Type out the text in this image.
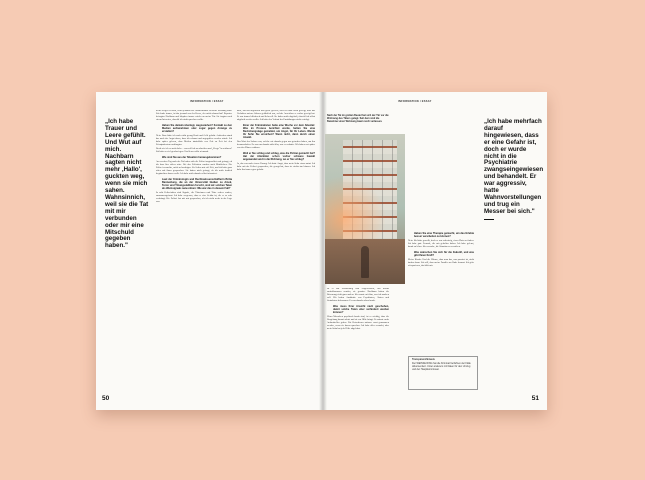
INFORMATION / ESSAY
„Ich habe Trauer und Leere gefühlt. Und Wut auf mich. Nachbarn sagten nicht mehr ‚Hallo', guckten weg, wenn sie mich sahen. Wahnsinnich, weil sie die Tat mit mir verbunden oder mir eine Mitschuld gegeben haben."

heute wiegen er mich, wenn jemand eine Handelsmarke in meine Richtung fährt. Ich denke immer, ist das jemand von der Presse, der mich erkannt hat? Reporter befragten Nachbarn und klopften immer wieder an meine Tür. Sie fragten nach einem Interview, obwohl ich nicht sprechen wollte.

Haben Sie damals überlegt, wegzuziehen? Kontakt zu den Medien aufzunehmen oder sogar gegen Anzeige zu erstatten?

Nein. Dass hätte ich auch nicht genug Kraft und Geld gehabt. Außerdem stand das nach der Angst davor, dass ich erkannt und angegriffen werden würde. Ich habe später gelesen, dass Medien tatsächlich von Zeit zu Zeit bei den Privatpatienten nachfragten.

Doch wie ich es auch drehe – was soll ich an schreiben und „Zeuge" bezeichnen? Ich habe so viel geschwiegen. Und lesen sollte niemand.

Wie sind Sie aus der Situation herausgekommen?

Am zweiten Tag nach der Tat haben sich die Polizei angemeldet und gefragt, ob ich kurz hier sicher wäre. Bei den Polizisten wurden auch Blutflecken. Die Polizei versuchte, mich zu beruhigen. Sie ließen mir viel Zeit, und ich habe ganz offen mit ihnen gesprochen. Sie hatten mich gefragt, ob ich mich ärztlich begutachten lassen wolle. Ich habe mich danach selbst informiert.

Laut der Kriminologin und Rechtswissenschaftlerin Britta Bannenberg, die an der Universität Gießen zu Amok, Terror und Tötungsdelikten forscht, sind wir solchen Taten als Warnsignale zuzuordnen: Wie war das in diesem Fall?

In acht Polizeiakten sind Signale, die Täterinnen und Täter vorher senden, zusammengefasst. Ich habe vergessen, dass er eine Gefahr ist, die er so sehr verdrängt. Die Polizei hat mit mir gesprochen, als ich nicht mehr in der Lage war.

habe, hat mir angeboten und gerne gelesen, aber ich habe nicht gezeigt, dass das Verhalten meines Sohnes gefährlich war, welche Anzeichen er vorher gezeigt hat. Er war immer hilfsbereit und liebevoll. Sie haben mich abgeholt, obwohl ich selbst abgeholt werden wollte. Ich habe den Verlauf der Ermittlungen nicht verfolgt.

Einer der Kriminalisten hatte eine Woche vor dem Attentat: Was im Prozess berichtet wurde, hatten Sie eine Bedrohungslage gemeldet, um Angst, für Ihr Leben. Wurde Ihr Sohn Sie erreichen? Wenn nicht, dann durch einen Anwalt.

Das Wort des Sohnes war, welche wir damals gegen uns getroffen haben, um ihn herauszuholen. Es war uns damals nicht klar, was er vorhatte. Wir haben erst später von den Plänen erfahren.

Weil er Sie schlug und schlug, was die Polizei gemacht hat? Hat der Attentäter schon vorher schwere Gewalt angewendet und in die Richtung, wo er Sie schlug?

Ja, das war nach einem Umzug. Ich hatte Angst, dass mein Sohn etwas antut. Ich habe mit der Polizei gesprochen, die gesagt hat, dass sie nichts tun können. Ich habe ihn immer gern gehabt.

50
INFORMATION / ESSAY
Nach der Tat im großen Beutel hat sich der Tür vor die Wohnung des Täters gelegt. Seit dem sind die Bewohner einer Wohnung kaum noch verlassen.	„Ich habe mehrfach darauf hingewiesen, dass er eine Gefahr ist, doch er wurde nicht in die Psychiatrie zwangseingewiesen und behandelt. Er war aggressiv, hatte Wahnvorstellungen und trug ein Messer bei sich."

ist er mit Schilderung und Ungewissheit, das nachts zurückkommen wurden, sie gerufen. Nachbarn haben die Betreuung sieht ganz anders. Ich wusste mit ihm, was ich machen soll. Wir haben Auskünfte von Psychiatern, Ärzten und Gutachtern bekommen. Er war damals schon krank.

Was muss Ihrer Ansicht nach geschehen, damit solche Taten eher verhindert werden können?

Wenn Menschen psychisch krank sind, ist es wichtig, dass die Umgebung darauf achtet und sie zur Hilfe bringt. Es müsste mehr Anlaufstellen geben. Die Betroffenen müssen ernst genommen werden, wenn sie davon sprechen. Ich habe alles versucht, aber mein Sohn hat jede Hilfe abgelehnt.

Haben Sie eine Therapie gemacht, um das Erlebte besser verarbeiten zu können?

Nein. Ich hätte gewollt, doch es war schwierig, einen Platz zu finden. Ich habe gute Freunde, die mir geholfen haben. Ich habe gelernt, damit zu leben. Ich versuche, die Situation zu verstehen.

Was wünschen Sie sich für die Zukunft, und was gibt Ihnen Kraft?

Meine Kinder. Und die Wärme, dass man das, was passiert ist, nicht ändern kann. Ich will, dass meine Familie zur Ruhe kommt. Ich gehe oft spazieren, das hilft mir.

Transparenzhinweis
Der WEISSE RING hat die Kriminal-Verfahren der Fälle dokumentiert. Unter anderem mit Daten für den Umzug und der Hauptkommissar.
51
